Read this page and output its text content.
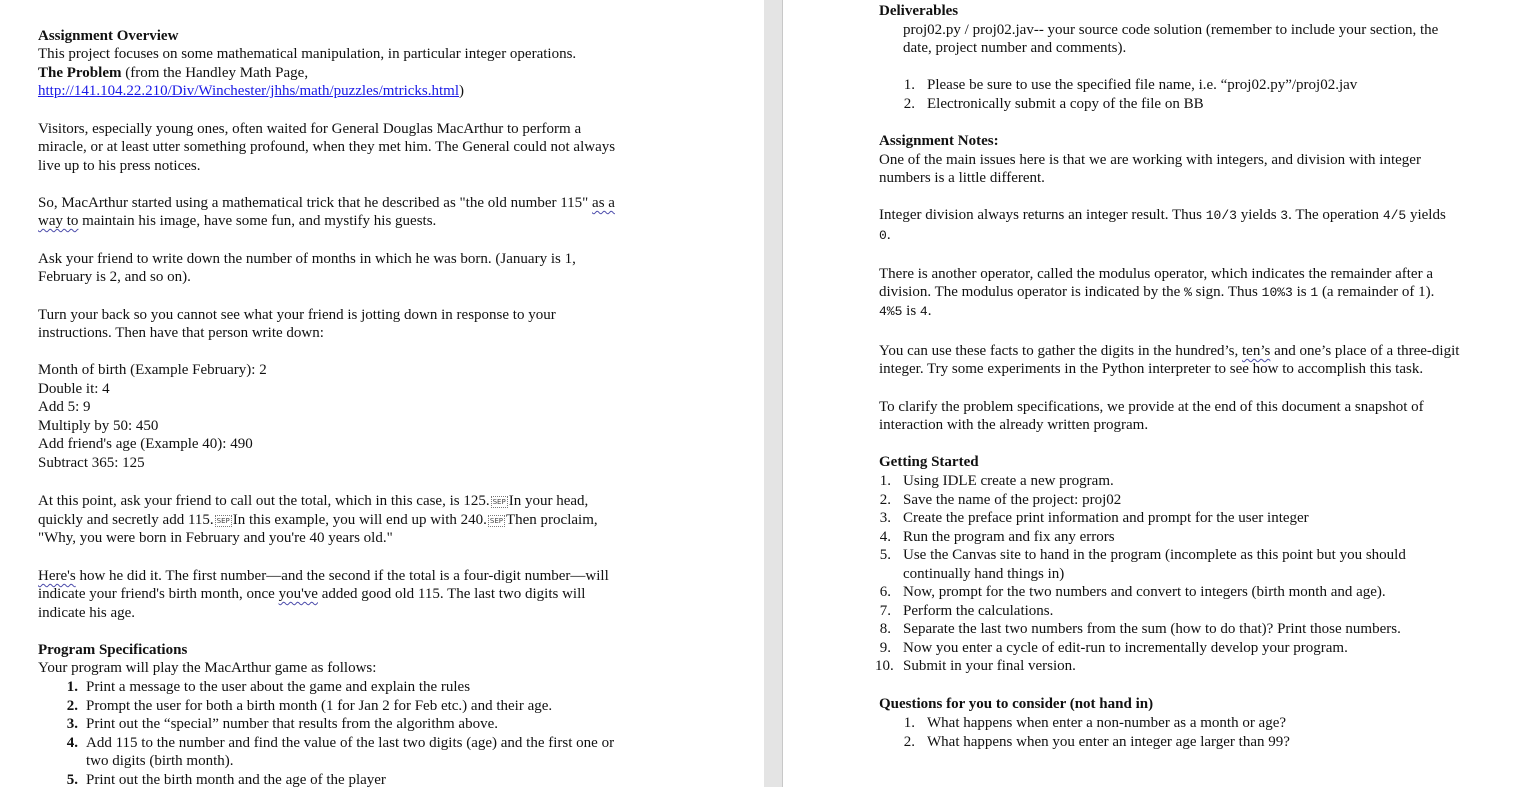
Assignment Overview
This project focuses on some mathematical manipulation, in particular integer operations.
The Problem (from the Handley Math Page,
http://141.104.22.210/Div/Winchester/jhhs/math/puzzles/mtricks.html)
Visitors, especially young ones, often waited for General Douglas MacArthur to perform a
miracle, or at least utter something profound, when they met him. The General could not always
live up to his press notices.
So, MacArthur started using a mathematical trick that he described as "the old number 115" as a
way to maintain his image, have some fun, and mystify his guests.
Ask your friend to write down the number of months in which he was born. (January is 1,
February is 2, and so on).
Turn your back so you cannot see what your friend is jotting down in response to your
instructions. Then have that person write down:
Month of birth (Example February): 2
Double it: 4
Add 5: 9
Multiply by 50: 450
Add friend's age (Example 40): 490
Subtract 365: 125
At this point, ask your friend to call out the total, which in this case, is 125. SEP In your head,
quickly and secretly add 115. SEP In this example, you will end up with 240. SEP Then proclaim,
"Why, you were born in February and you're 40 years old."
Here's how he did it. The first number—and the second if the total is a four-digit number—will
indicate your friend's birth month, once you've added good old 115. The last two digits will
indicate his age.
Program Specifications
Your program will play the MacArthur game as follows:
1. Print a message to the user about the game and explain the rules
2. Prompt the user for both a birth month (1 for Jan 2 for Feb etc.) and their age.
3. Print out the “special” number that results from the algorithm above.
4. Add 115 to the number and find the value of the last two digits (age) and the first one or
two digits (birth month).
5. Print out the birth month and the age of the player
Deliverables
proj02.py / proj02.jav-- your source code solution (remember to include your section, the
date, project number and comments).
1. Please be sure to use the specified file name, i.e. “proj02.py”/proj02.jav
2. Electronically submit a copy of the file on BB
Assignment Notes:
One of the main issues here is that we are working with integers, and division with integer
numbers is a little different.
Integer division always returns an integer result. Thus 10/3 yields 3. The operation 4/5 yields
0.
There is another operator, called the modulus operator, which indicates the remainder after a
division. The modulus operator is indicated by the % sign. Thus 10%3 is 1 (a remainder of 1).
4%5 is 4.
You can use these facts to gather the digits in the hundred’s, ten’s and one’s place of a three-digit
integer. Try some experiments in the Python interpreter to see how to accomplish this task.
To clarify the problem specifications, we provide at the end of this document a snapshot of
interaction with the already written program.
Getting Started
1. Using IDLE create a new program.
2. Save the name of the project: proj02
3. Create the preface print information and prompt for the user integer
4. Run the program and fix any errors
5. Use the Canvas site to hand in the program (incomplete as this point but you should
continually hand things in)
6. Now, prompt for the two numbers and convert to integers (birth month and age).
7. Perform the calculations.
8. Separate the last two numbers from the sum (how to do that)? Print those numbers.
9. Now you enter a cycle of edit-run to incrementally develop your program.
10. Submit in your final version.
Questions for you to consider (not hand in)
1. What happens when enter a non-number as a month or age?
2. What happens when you enter an integer age larger than 99?
